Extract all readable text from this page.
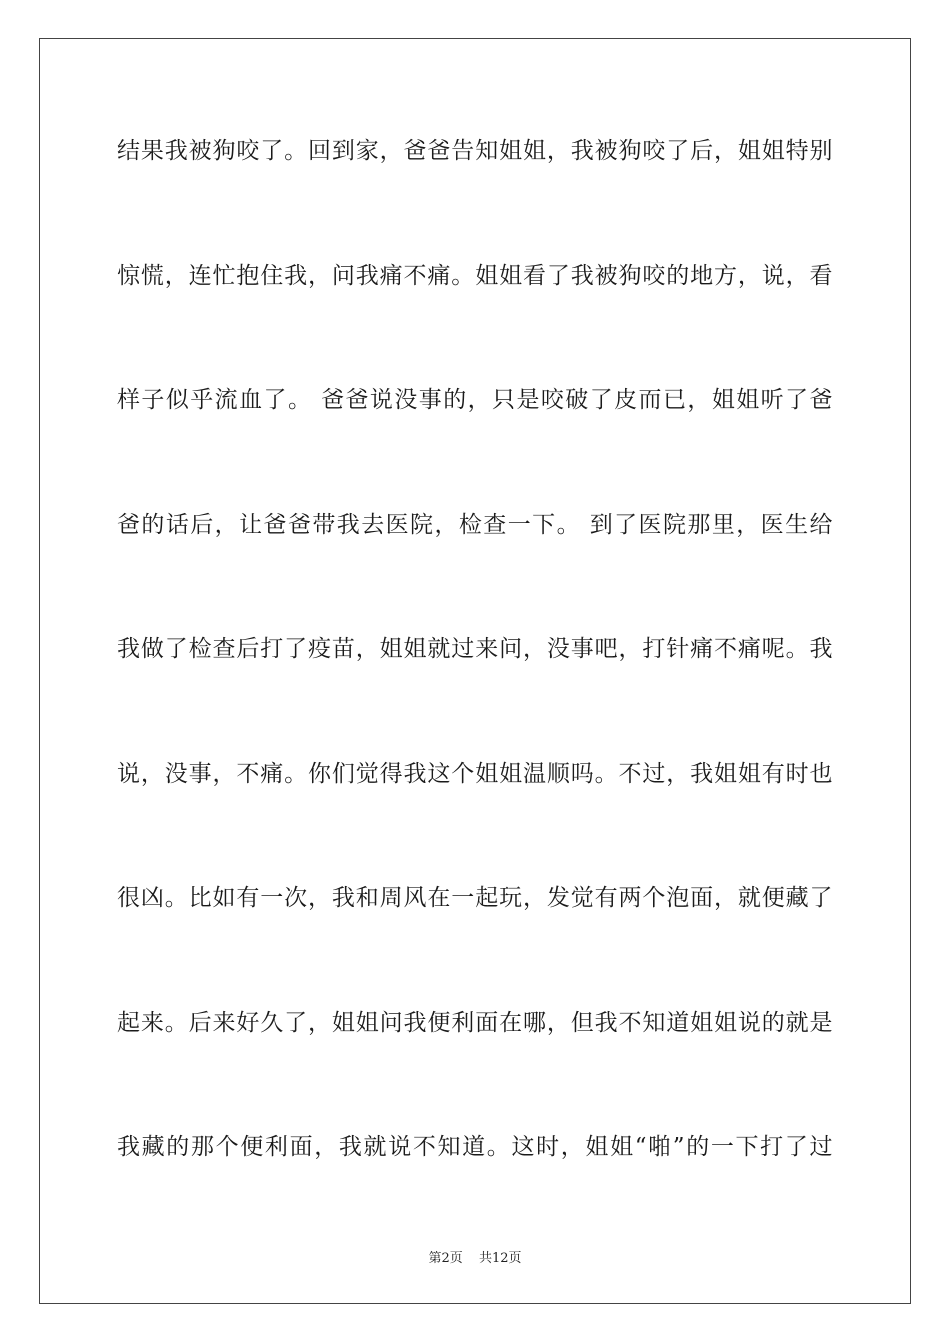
结果我被狗咬了。回到家，爸爸告知姐姐，我被狗咬了后，姐姐特别
惊慌，连忙抱住我，问我痛不痛。姐姐看了我被狗咬的地方，说，看
样子似乎流血了。 爸爸说没事的，只是咬破了皮而已，姐姐听了爸
爸的话后，让爸爸带我去医院，检查一下。 到了医院那里，医生给
我做了检查后打了疫苗，姐姐就过来问，没事吧，打针痛不痛呢。我
说，没事，不痛。你们觉得我这个姐姐温顺吗。不过，我姐姐有时也
很凶。比如有一次，我和周风在一起玩，发觉有两个泡面，就便藏了
起来。后来好久了，姐姐问我便利面在哪，但我不知道姐姐说的就是
我藏的那个便利面，我就说不知道。这时，姐姐“啪”的一下打了过
第2页 共12页
